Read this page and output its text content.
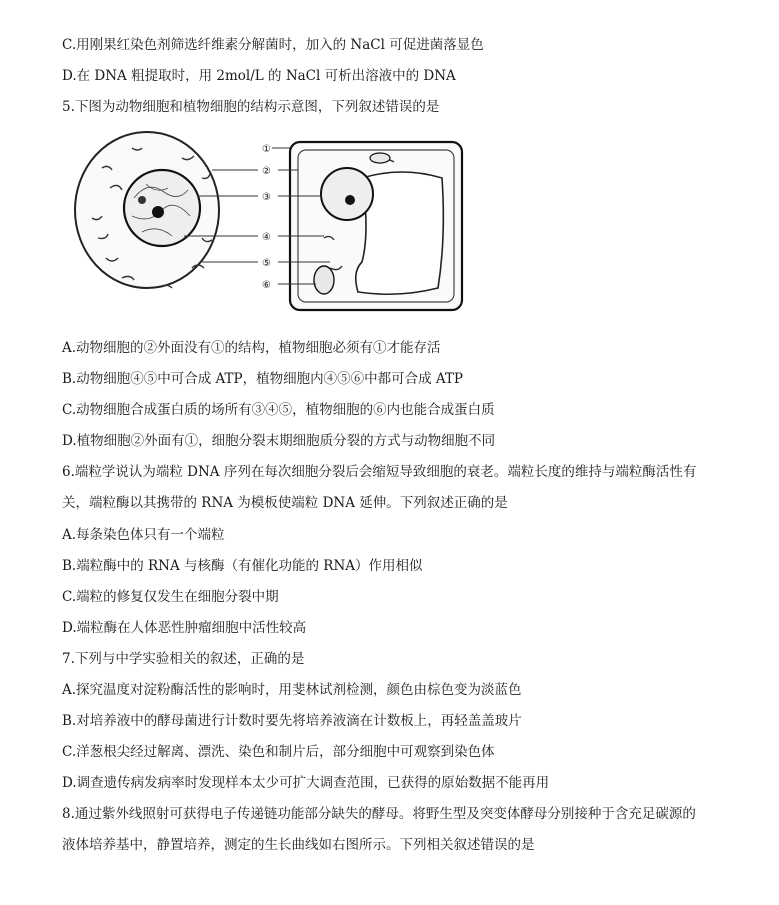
C.用刚果红染色剂筛选纤维素分解菌时，加入的 NaCl 可促进菌落显色
D.在 DNA 粗提取时，用 2mol/L 的 NaCl 可析出溶液中的 DNA
5.下图为动物细胞和植物细胞的结构示意图，下列叙述错误的是
①
②
③
④
⑤
⑥
A.动物细胞的②外面没有①的结构，植物细胞必须有①才能存活
B.动物细胞④⑤中可合成 ATP，植物细胞内④⑤⑥中都可合成 ATP
C.动物细胞合成蛋白质的场所有③④⑤，植物细胞的⑥内也能合成蛋白质
D.植物细胞②外面有①，细胞分裂末期细胞质分裂的方式与动物细胞不同
6.端粒学说认为端粒 DNA 序列在每次细胞分裂后会缩短导致细胞的衰老。端粒长度的维持与端粒酶活性有
关，端粒酶以其携带的 RNA 为模板使端粒 DNA 延伸。下列叙述正确的是
A.每条染色体只有一个端粒
B.端粒酶中的 RNA 与核酶（有催化功能的 RNA）作用相似
C.端粒的修复仅发生在细胞分裂中期
D.端粒酶在人体恶性肿瘤细胞中活性较高
7.下列与中学实验相关的叙述，正确的是
A.探究温度对淀粉酶活性的影响时，用斐林试剂检测，颜色由棕色变为淡蓝色
B.对培养液中的酵母菌进行计数时要先将培养液滴在计数板上，再轻盖盖玻片
C.洋葱根尖经过解离、漂洗、染色和制片后，部分细胞中可观察到染色体
D.调查遗传病发病率时发现样本太少可扩大调查范围，已获得的原始数据不能再用
8.通过紫外线照射可获得电子传递链功能部分缺失的酵母。将野生型及突变体酵母分别接种于含充足碳源的
液体培养基中，静置培养，测定的生长曲线如右图所示。下列相关叙述错误的是
